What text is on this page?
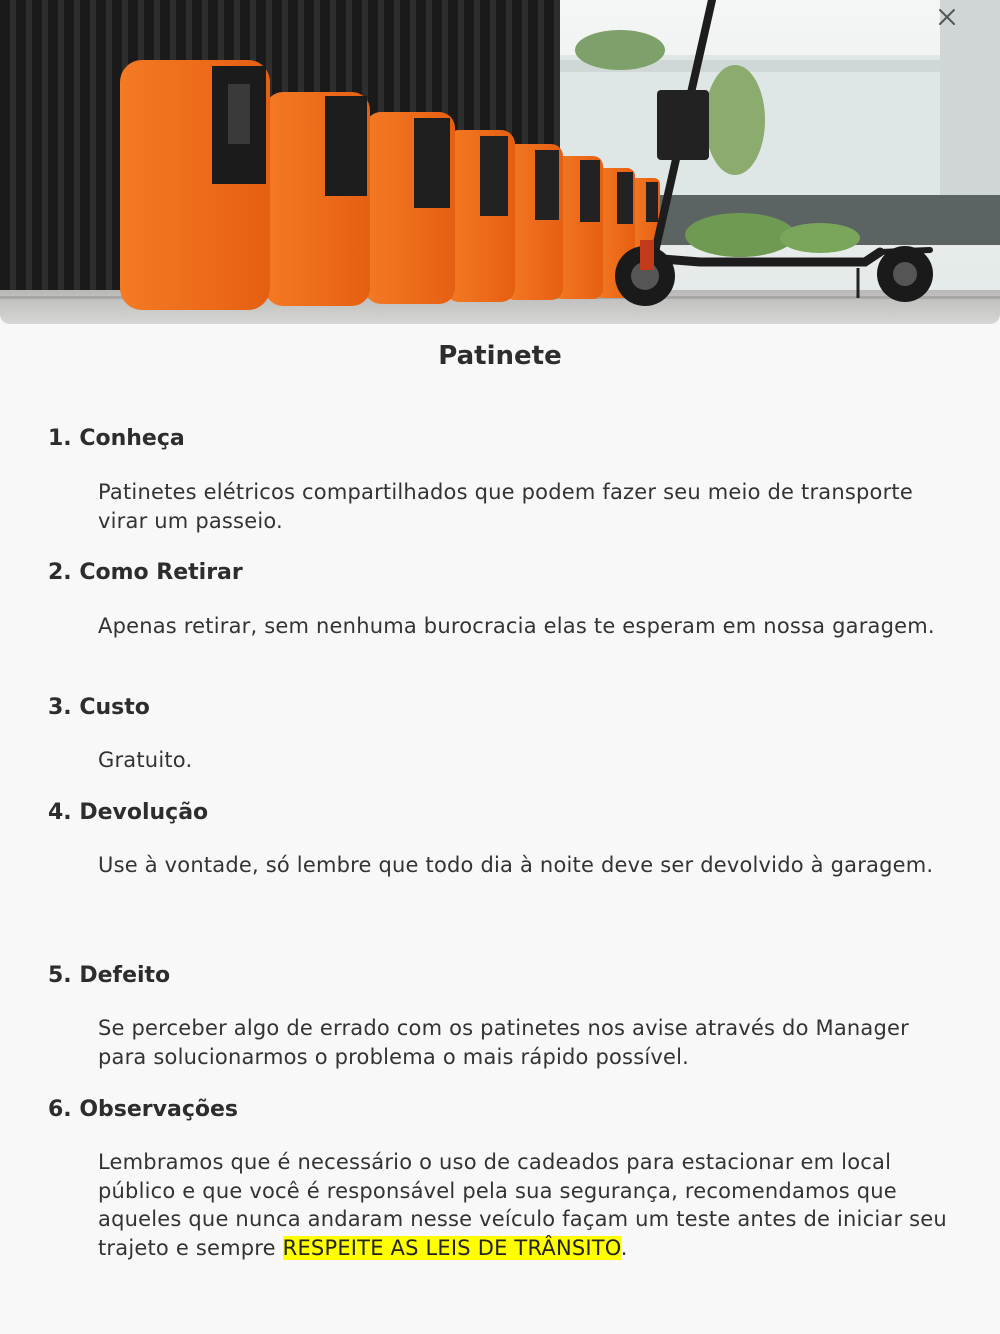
Patinete
1. Conheça

Patinetes elétricos compartilhados que podem fazer seu meio de transporte virar um passeio.

2. Como Retirar

Apenas retirar, sem nenhuma burocracia elas te esperam em nossa garagem.

3. Custo

Gratuito.

4. Devolução

Use à vontade, só lembre que todo dia à noite deve ser devolvido à garagem.

5. Defeito

Se perceber algo de errado com os patinetes nos avise através do Manager para solucionarmos o problema o mais rápido possível.

6. Observações

Lembramos que é necessário o uso de cadeados para estacionar em local público e que você é responsável pela sua segurança, recomendamos que aqueles que nunca andaram nesse veículo façam um teste antes de iniciar seu trajeto e sempre RESPEITE AS LEIS DE TRÂNSITO.
